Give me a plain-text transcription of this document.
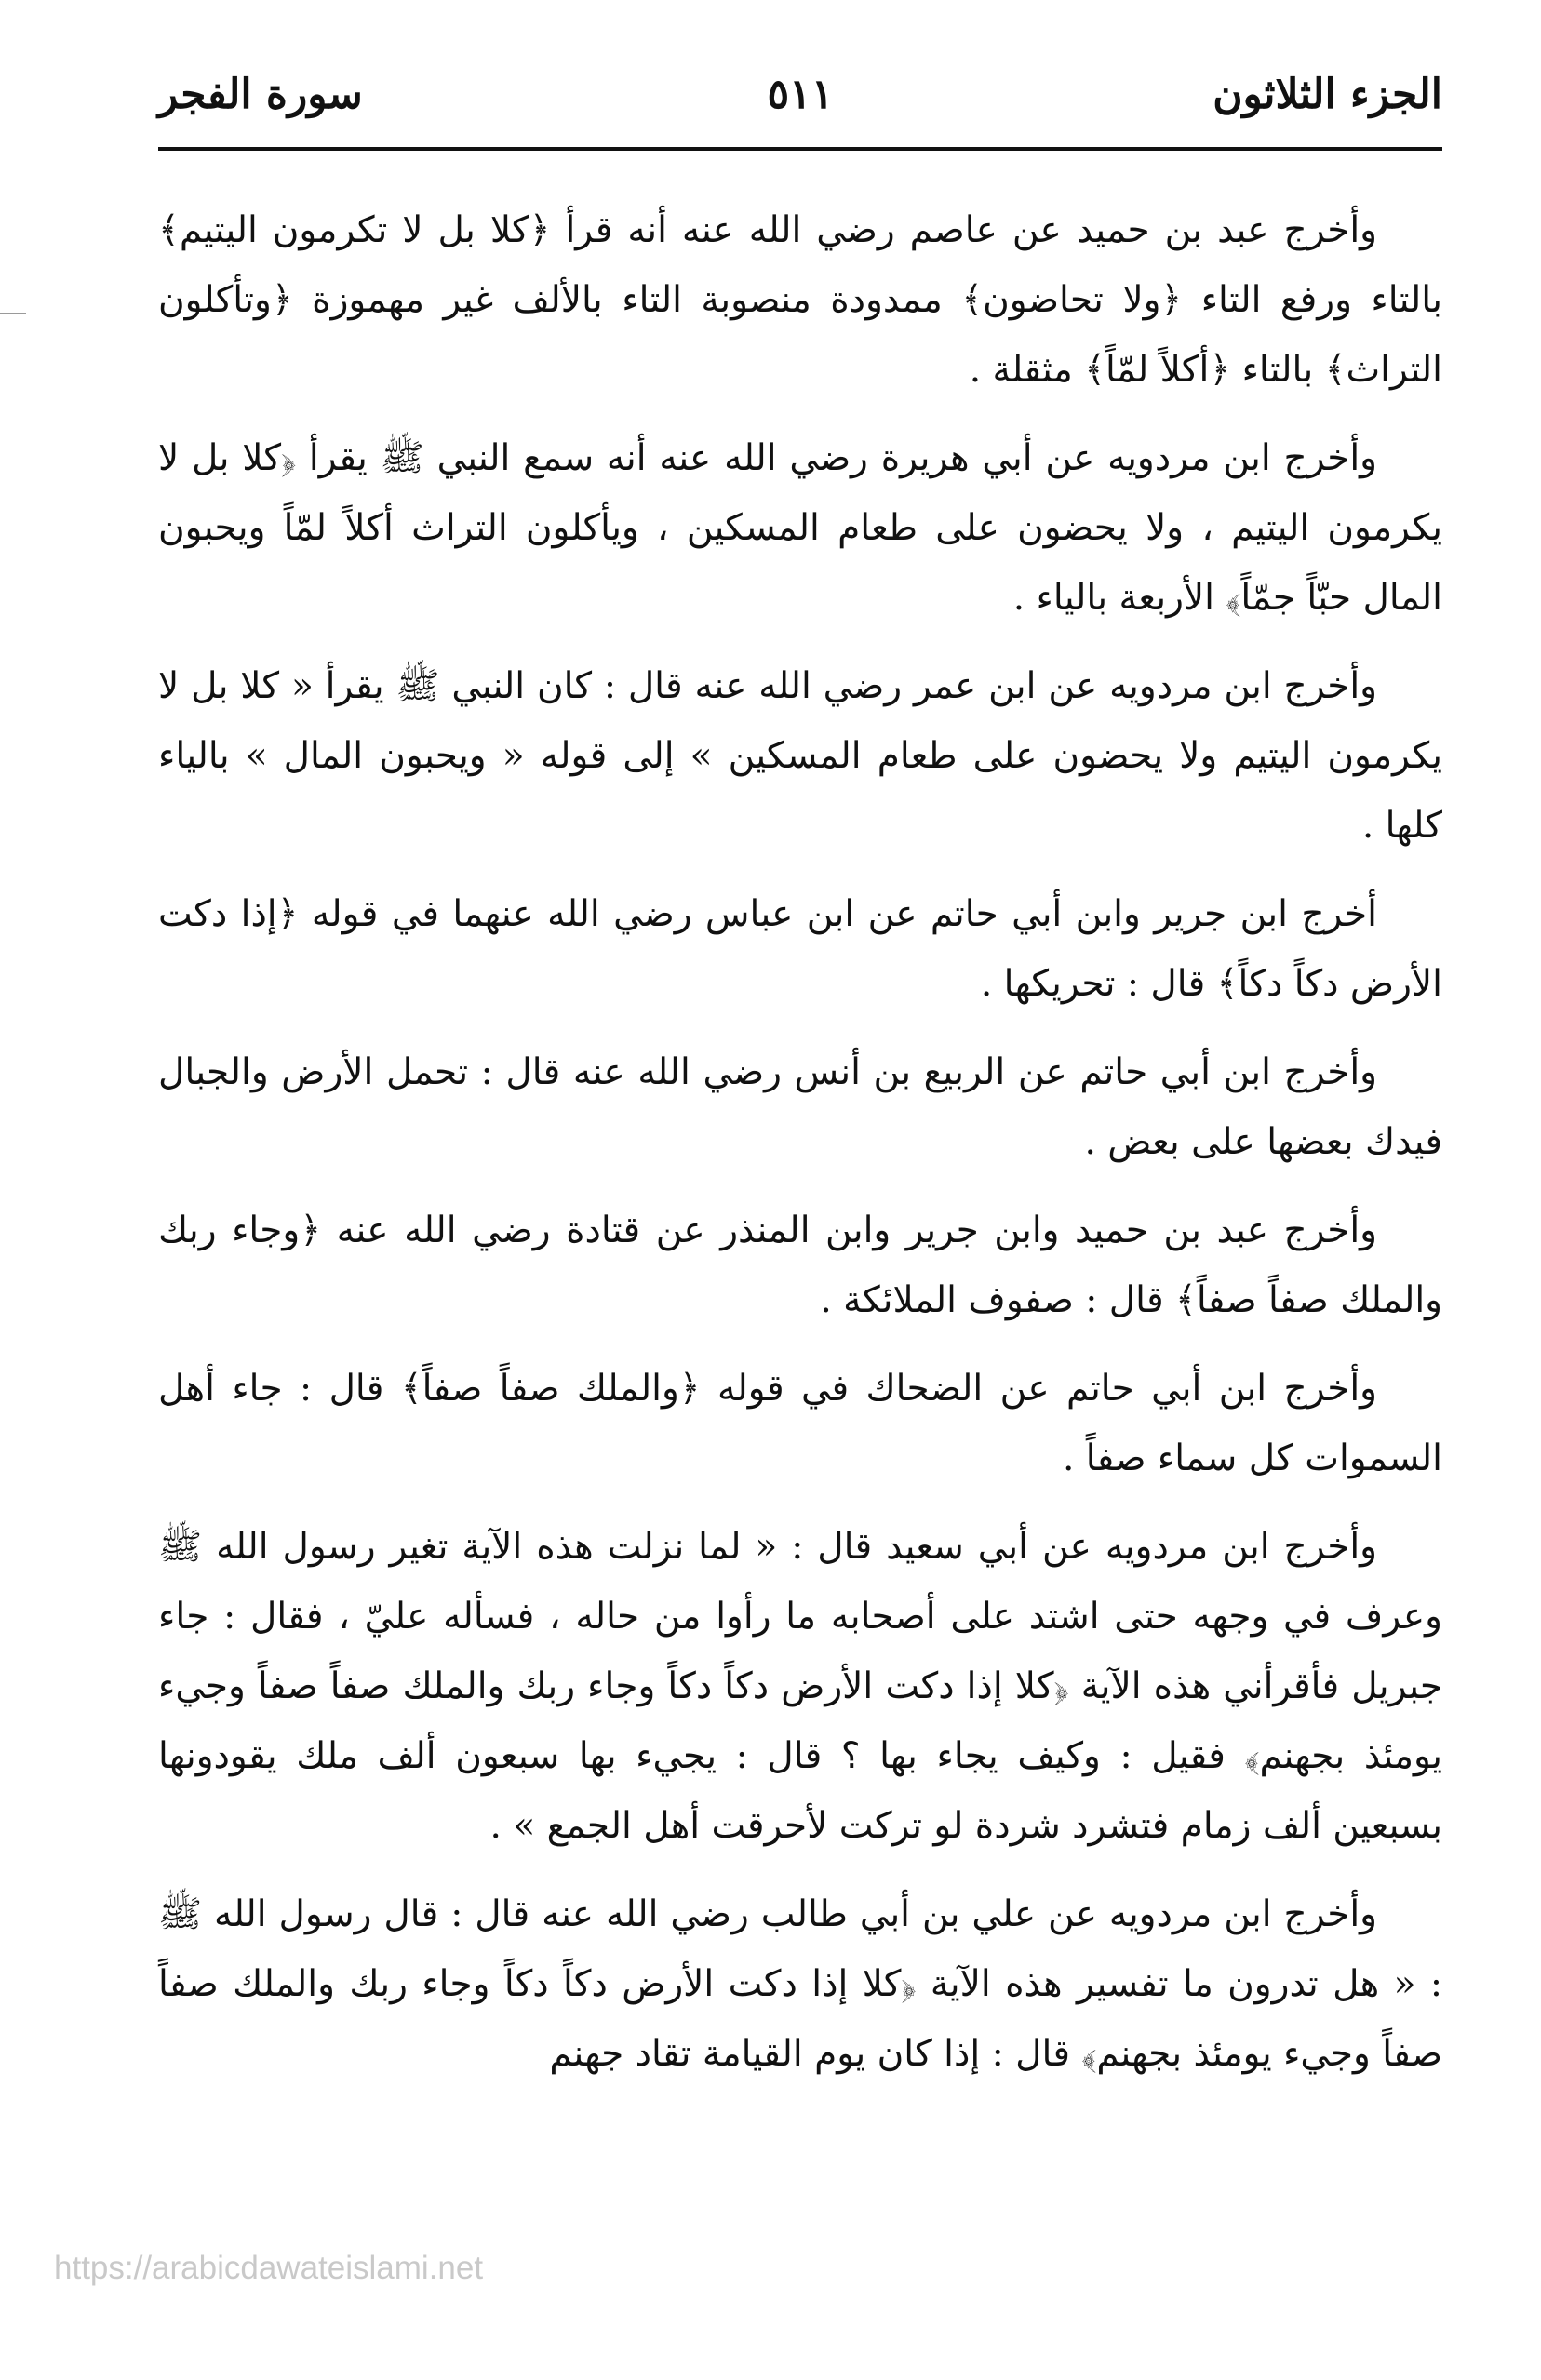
الجزء الثلاثون
٥١١
سورة الفجر

وأخرج عبد بن حميد عن عاصم رضي الله عنه أنه قرأ ﴿كلا بل لا تكرمون اليتيم﴾ بالتاء ورفع التاء ﴿ولا تحاضون﴾ ممدودة منصوبة التاء بالألف غير مهموزة ﴿وتأكلون التراث﴾ بالتاء ﴿أكلاً لمّاً﴾ مثقلة .

وأخرج ابن مردويه عن أبي هريرة رضي الله عنه أنه سمع النبي ﷺ يقرأ ﴿كلا بل لا يكرمون اليتيم ، ولا يحضون على طعام المسكين ، ويأكلون التراث أكلاً لمّاً ويحبون المال حبّاً جمّاً﴾ الأربعة بالياء .

وأخرج ابن مردويه عن ابن عمر رضي الله عنه قال : كان النبي ﷺ يقرأ « كلا بل لا يكرمون اليتيم ولا يحضون على طعام المسكين » إلى قوله « ويحبون المال » بالياء كلها .

أخرج ابن جرير وابن أبي حاتم عن ابن عباس رضي الله عنهما في قوله ﴿إذا دكت الأرض دكاً دكاً﴾ قال : تحريكها .

وأخرج ابن أبي حاتم عن الربيع بن أنس رضي الله عنه قال : تحمل الأرض والجبال فيدك بعضها على بعض .

وأخرج عبد بن حميد وابن جرير وابن المنذر عن قتادة رضي الله عنه ﴿وجاء ربك والملك صفاً صفاً﴾ قال : صفوف الملائكة .

وأخرج ابن أبي حاتم عن الضحاك في قوله ﴿والملك صفاً صفاً﴾ قال : جاء أهل السموات كل سماء صفاً .

وأخرج ابن مردويه عن أبي سعيد قال : « لما نزلت هذه الآية تغير رسول الله ﷺ وعرف في وجهه حتى اشتد على أصحابه ما رأوا من حاله ، فسأله عليّ ، فقال : جاء جبريل فأقرأني هذه الآية ﴿كلا إذا دكت الأرض دكاً دكاً وجاء ربك والملك صفاً صفاً وجيء يومئذ بجهنم﴾ فقيل : وكيف يجاء بها ؟ قال : يجيء بها سبعون ألف ملك يقودونها بسبعين ألف زمام فتشرد شردة لو تركت لأحرقت أهل الجمع » .

وأخرج ابن مردويه عن علي بن أبي طالب رضي الله عنه قال : قال رسول الله ﷺ : « هل تدرون ما تفسير هذه الآية ﴿كلا إذا دكت الأرض دكاً دكاً وجاء ربك والملك صفاً صفاً وجيء يومئذ بجهنم﴾ قال : إذا كان يوم القيامة تقاد جهنم

https://arabicdawateislami.net
